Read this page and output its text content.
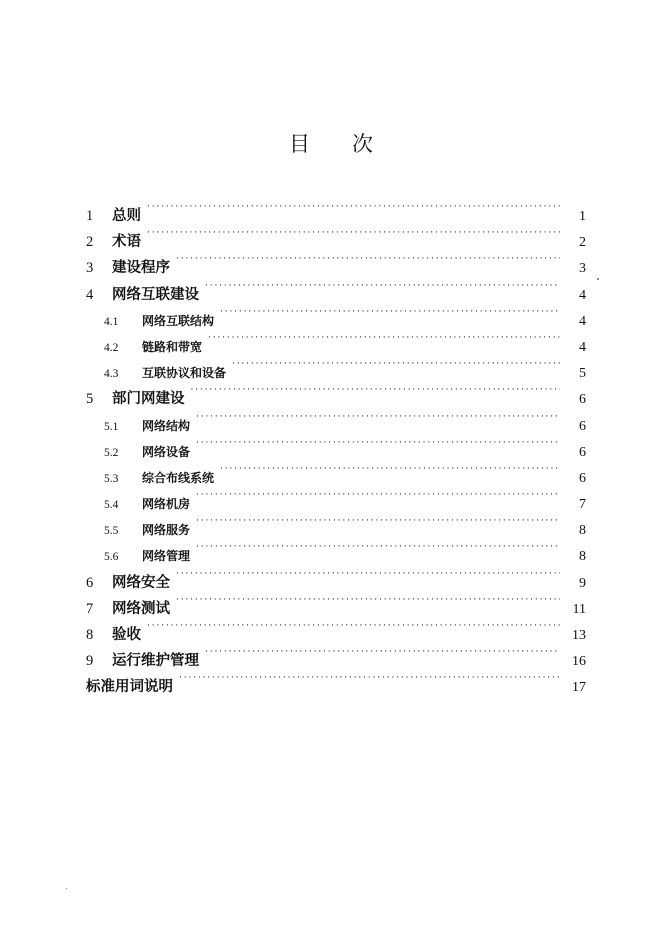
目 次
1	总则 · · ·	1
2	术语 · · ·	2
3	建设程序 · · ·	3
4	网络互联建设 · · ·	4
4.1	网络互联结构 · · ·	4
4.2	链路和带宽 · · ·	4
4.3	互联协议和设备 · · ·	5
5	部门网建设 · · ·	6
5.1	网络结构 · · ·	6
5.2	网络设备 · · ·	6
5.3	综合布线系统 · · ·	6
5.4	网络机房 · · ·	7
5.5	网络服务 · · ·	8
5.6	网络管理 · · ·	8
6	网络安全 · · ·	9
7	网络测试 · · ·	11
8	验收 · · ·	13
9	运行维护管理 · · ·	16
标准用词说明 · · ·	17
